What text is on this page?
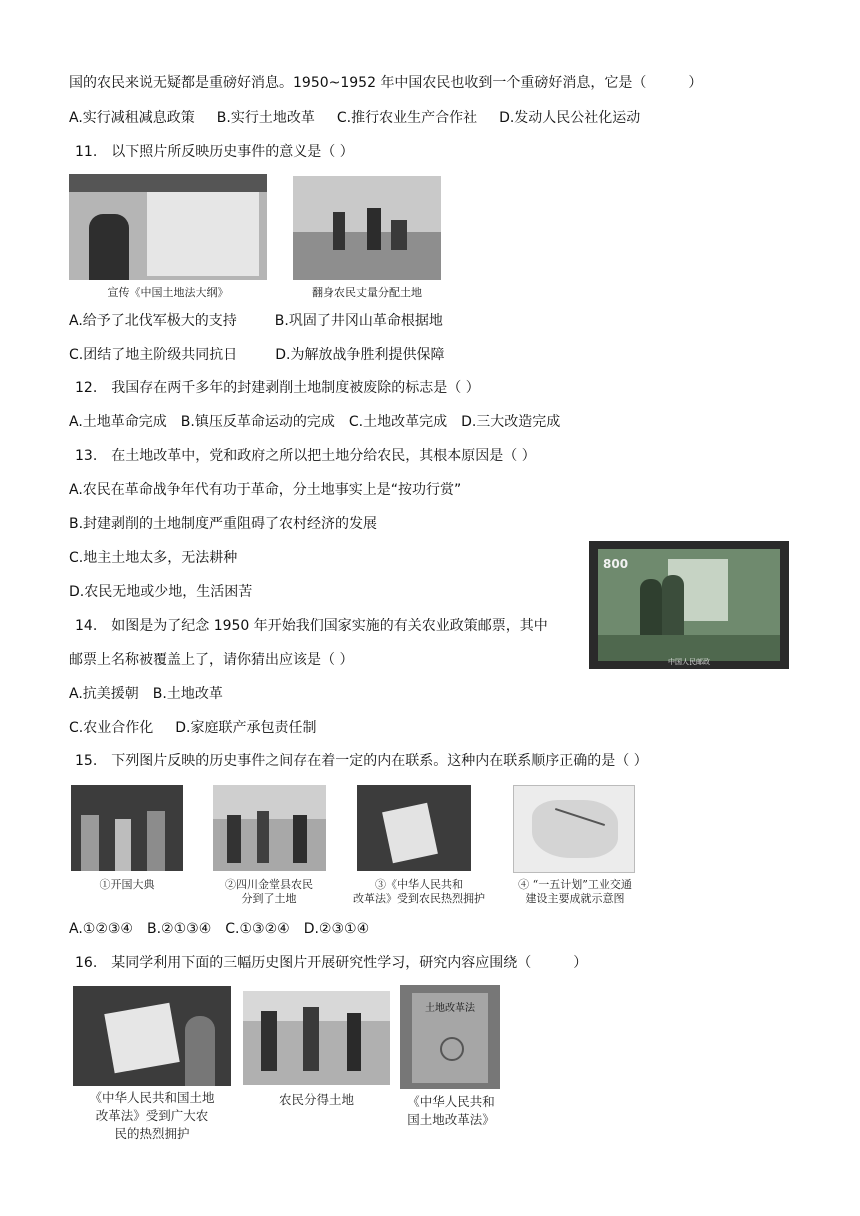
国的农民来说无疑都是重磅好消息。1950~1952 年中国农民也收到一个重磅好消息，它是（　　　）
A.实行减租减息政策 B.实行土地改革 C.推行农业生产合作社 D.发动人民公社化运动
11.　以下照片所反映历史事件的意义是（ ）
宣传《中国土地法大纲》	翻身农民丈量分配土地
A.给予了北伐军极大的支持	B.巩固了井冈山革命根据地
C.团结了地主阶级共同抗日	D.为解放战争胜利提供保障
12.　我国存在两千多年的封建剥削土地制度被废除的标志是（ ）
A.土地革命完成 B.镇压反革命运动的完成 C.土地改革完成 D.三大改造完成
13.　在土地改革中，党和政府之所以把土地分给农民，其根本原因是（ ）
A.农民在革命战争年代有功于革命，分土地事实上是“按功行赏”
B.封建剥削的土地制度严重阻碍了农村经济的发展
C.地主土地太多，无法耕种
D.农民无地或少地，生活困苦
800
中国人民邮政
14.　如图是为了纪念 1950 年开始我们国家实施的有关农业政策邮票，其中
邮票上名称被覆盖上了，请你猜出应该是（ ）
A.抗美援朝 B.土地改革
C.农业合作化 D.家庭联产承包责任制
15.　下列图片反映的历史事件之间存在着一定的内在联系。这种内在联系顺序正确的是（ ）
①开国大典	②四川金堂县农民
分到了土地
③《中华人民共和
改革法》受到农民热烈拥护
④ “一五计划”工业交通
建设主要成就示意图
A.①②③④ B.②①③④ C.①③②④ D.②③①④
16.　某同学利用下面的三幅历史图片开展研究性学习，研究内容应围绕（　　　）
土地改革法
《中华人民共和国土地
改革法》受到广大农
民的热烈拥护
农民分得土地	《中华人民共和
国土地改革法》
